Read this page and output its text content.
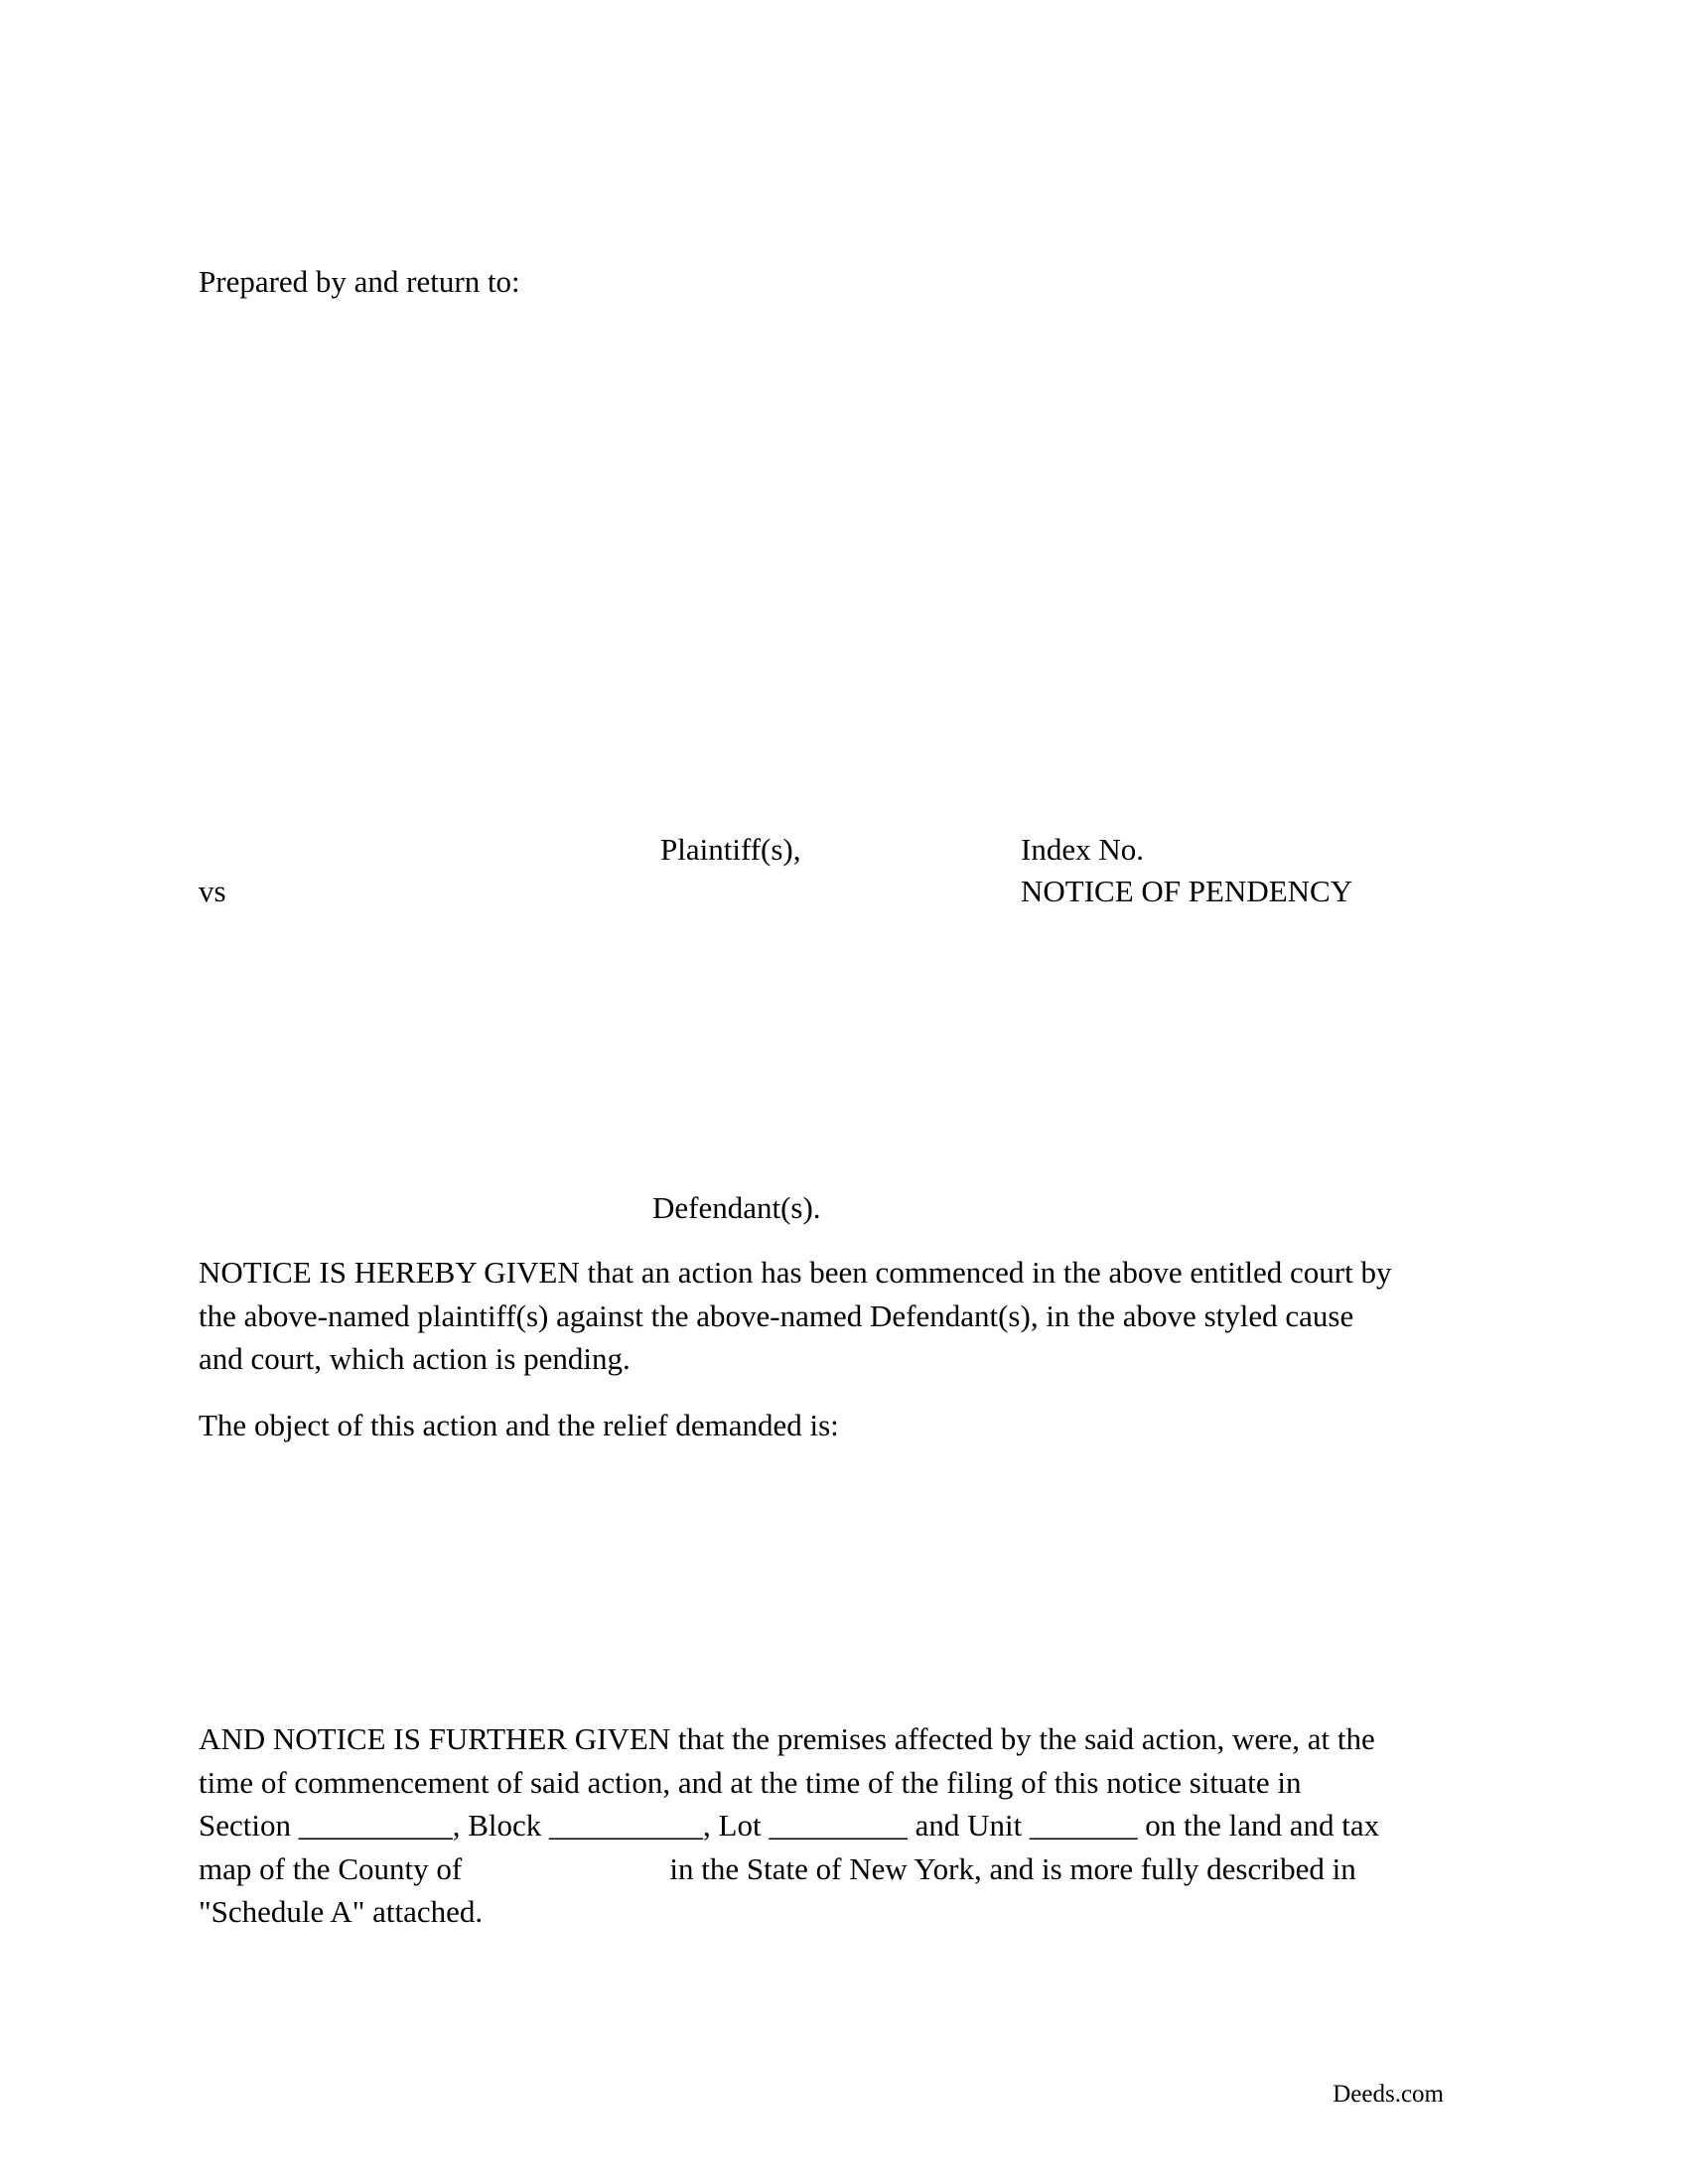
Prepared by and return to:

Plaintiff(s),	Index No.

vs	NOTICE OF PENDENCY

Defendant(s).

NOTICE IS HEREBY GIVEN that an action has been commenced in the above entitled court by
the above-named plaintiff(s) against the above-named Defendant(s), in the above styled cause
and court, which action is pending.

The object of this action and the relief demanded is:

AND NOTICE IS FURTHER GIVEN that the premises affected by the said action, were, at the
time of commencement of said action, and at the time of the filing of this notice situate in
Section __________, Block __________, Lot _________ and Unit _______ on the land and tax
map of the County of                           in the State of New York, and is more fully described in
"Schedule A" attached.
Deeds.com
